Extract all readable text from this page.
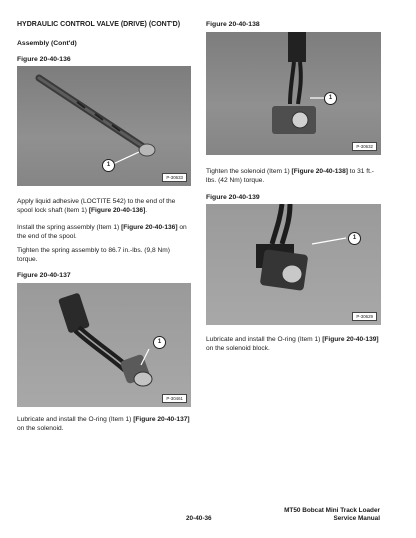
HYDRAULIC CONTROL VALVE (DRIVE) (CONT'D)
Assembly (Cont'd)
Figure 20-40-136
1
P-30633
Apply liquid adhesive (LOCTITE 542) to the end of the spool lock shaft (Item 1) [Figure 20-40-136].
Install the spring assembly (Item 1) [Figure 20-40-136] on the end of the spool.
Tighten the spring assembly to 86.7 in.-lbs. (9,8 Nm) torque.
Figure 20-40-137
1
P-30461
Lubricate and install the O-ring (Item 1) [Figure 20-40-137] on the solenoid.
Figure 20-40-138
1
P-30632
Tighten the solenoid (Item 1) [Figure 20-40-138] to 31 ft.-lbs. (42 Nm) torque.
Figure 20-40-139
1
P-30629
Lubricate and install the O-ring (Item 1) [Figure 20-40-139] on the solenoid block.
20-40-36
MT50 Bobcat Mini Track Loader
Service Manual
